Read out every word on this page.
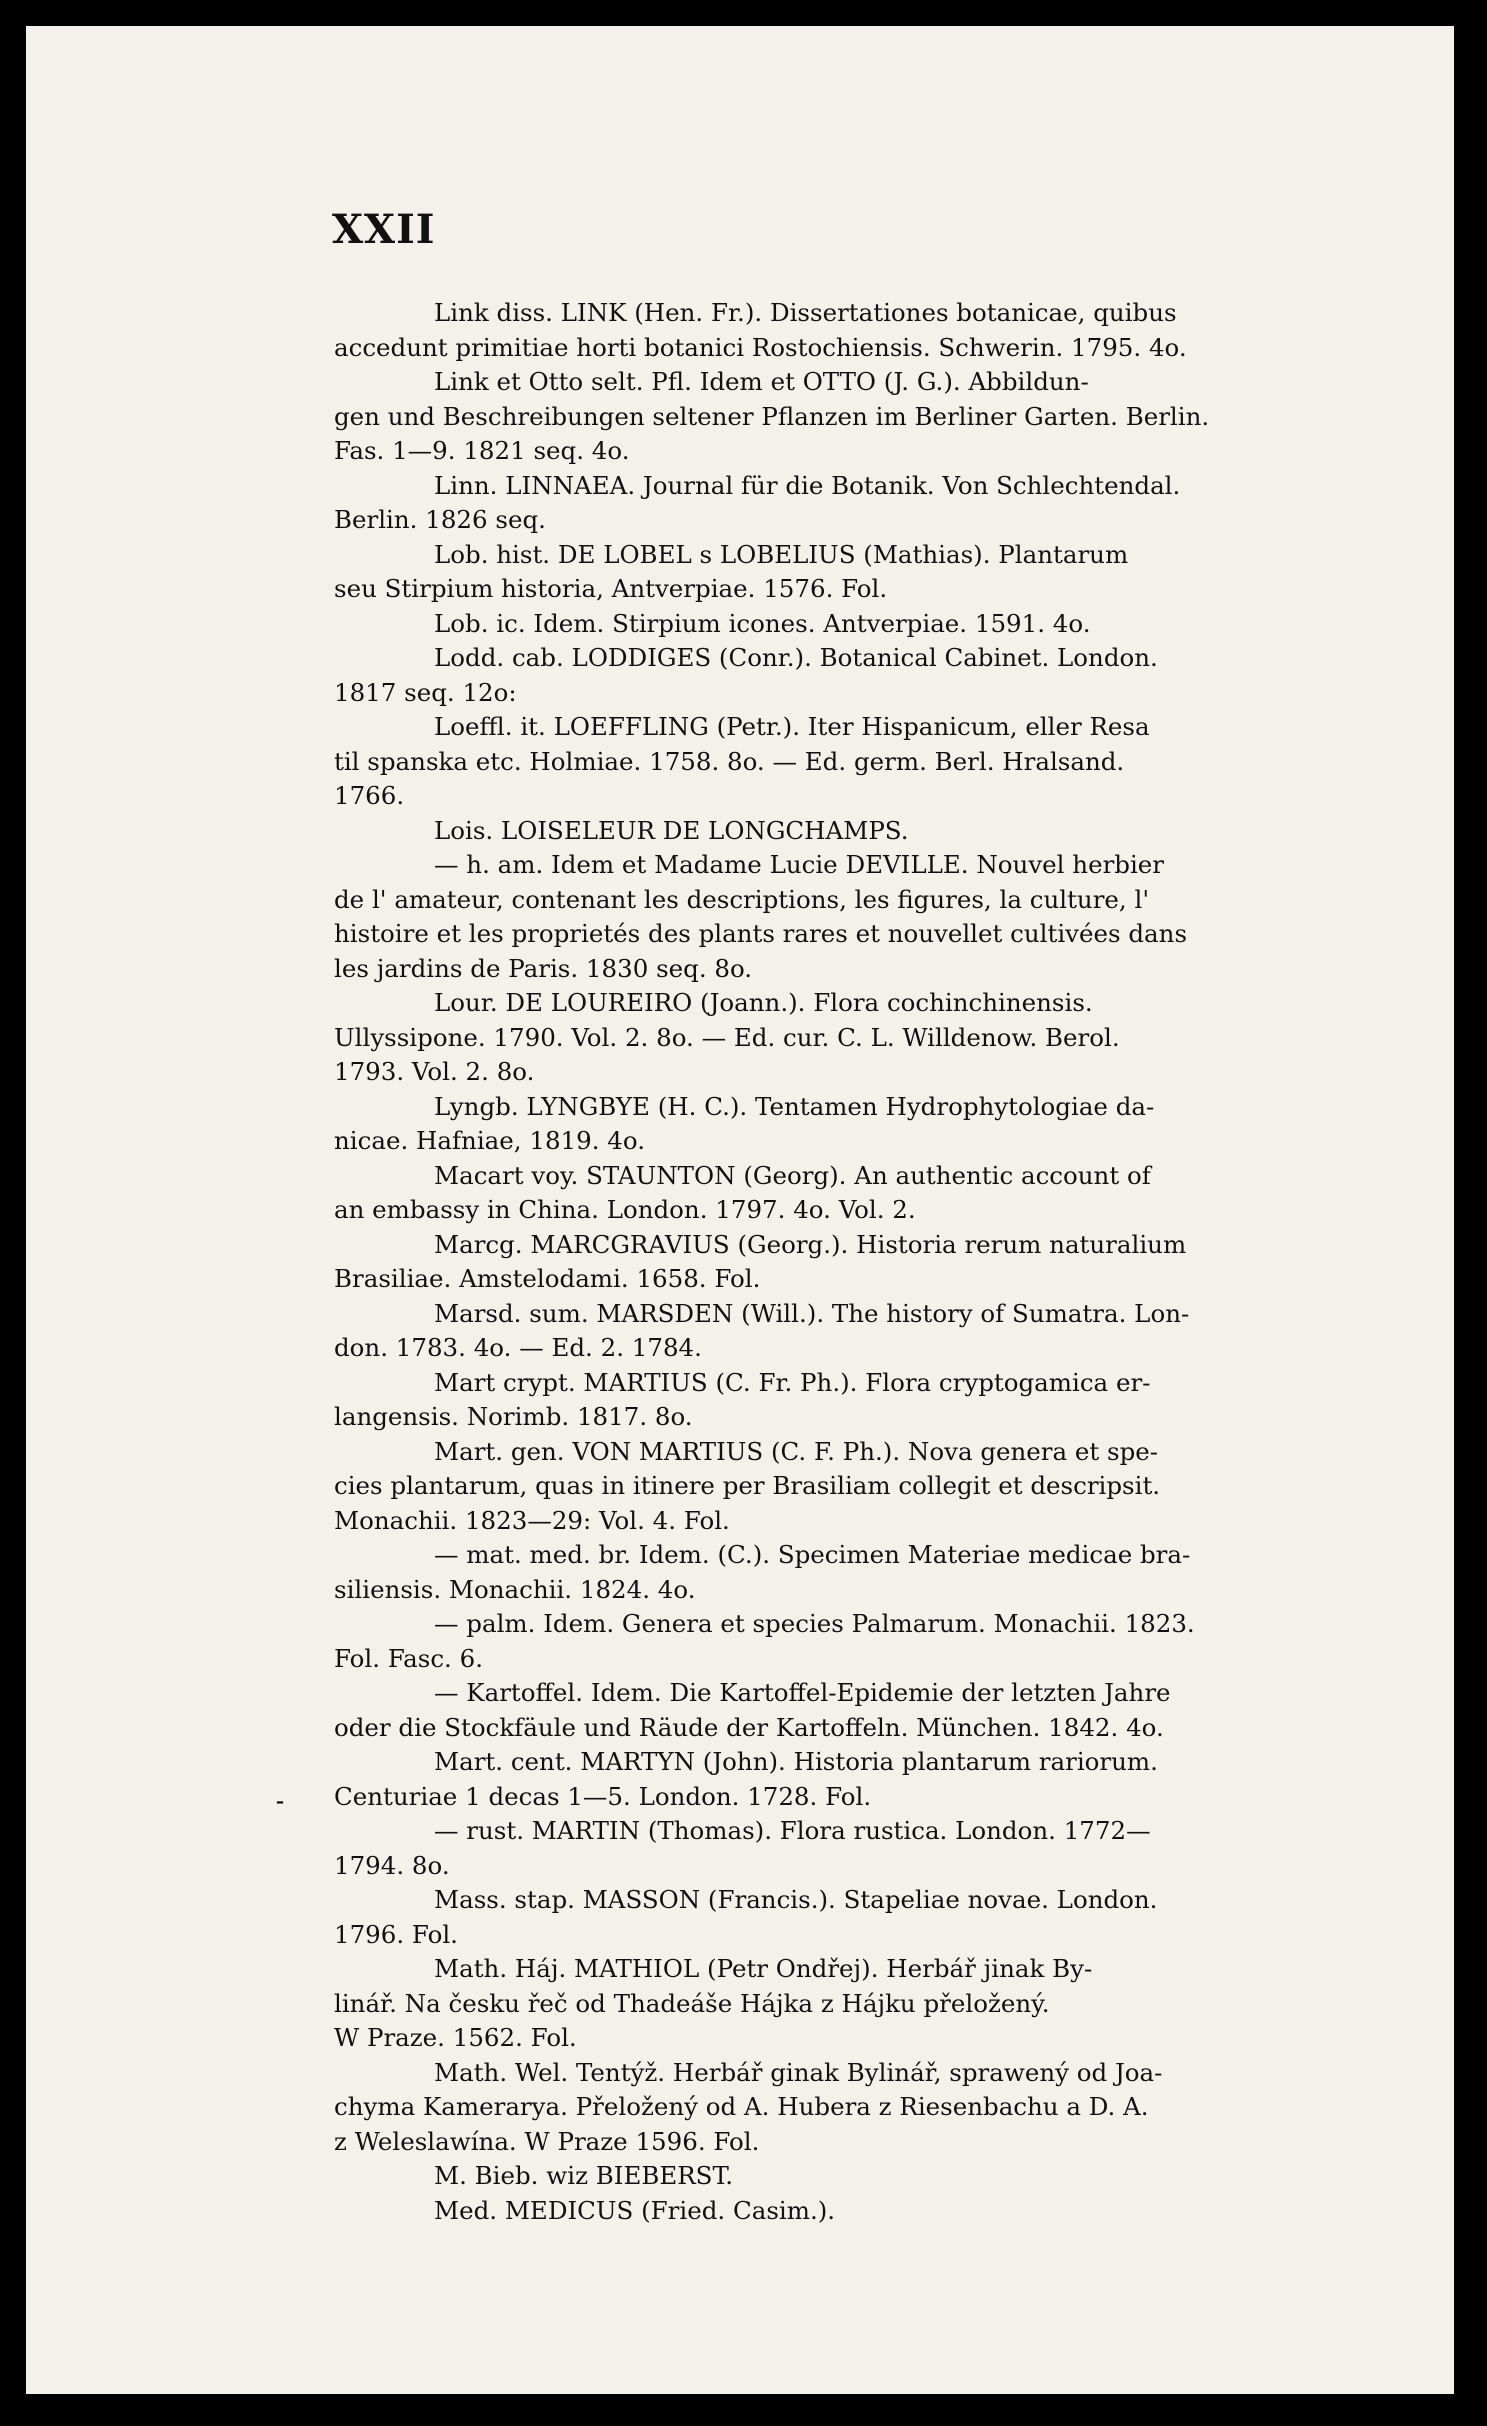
XXII
Link diss. LINK (Hen. Fr.). Dissertationes botanicae, quibus
accedunt primitiae horti botanici Rostochiensis. Schwerin. 1795. 4o.
Link et Otto selt. Pfl. Idem et OTTO (J. G.). Abbildun-
gen und Beschreibungen seltener Pflanzen im Berliner Garten. Berlin.
Fas. 1—9. 1821 seq. 4o.
Linn. LINNAEA. Journal für die Botanik. Von Schlechtendal.
Berlin. 1826 seq.
Lob. hist. DE LOBEL s LOBELIUS (Mathias). Plantarum
seu Stirpium historia, Antverpiae. 1576. Fol.
Lob. ic. Idem. Stirpium icones. Antverpiae. 1591. 4o.
Lodd. cab. LODDIGES (Conr.). Botanical Cabinet. London.
1817 seq. 12o:
Loeffl. it. LOEFFLING (Petr.). Iter Hispanicum, eller Resa
til spanska etc. Holmiae. 1758. 8o. — Ed. germ. Berl. Hralsand.
1766.
Lois. LOISELEUR DE LONGCHAMPS.
— h. am. Idem et Madame Lucie DEVILLE. Nouvel herbier
de l' amateur, contenant les descriptions, les figures, la culture, l'
histoire et les proprietés des plants rares et nouvellet cultivées dans
les jardins de Paris. 1830 seq. 8o.
Lour. DE LOUREIRO (Joann.). Flora cochinchinensis.
Ullyssipone. 1790. Vol. 2. 8o. — Ed. cur. C. L. Willdenow. Berol.
1793. Vol. 2. 8o.
Lyngb. LYNGBYE (H. C.). Tentamen Hydrophytologiae da-
nicae. Hafniae, 1819. 4o.
Macart voy. STAUNTON (Georg). An authentic account of
an embassy in China. London. 1797. 4o. Vol. 2.
Marcg. MARCGRAVIUS (Georg.). Historia rerum naturalium
Brasiliae. Amstelodami. 1658. Fol.
Marsd. sum. MARSDEN (Will.). The history of Sumatra. Lon-
don. 1783. 4o. — Ed. 2. 1784.
Mart crypt. MARTIUS (C. Fr. Ph.). Flora cryptogamica er-
langensis. Norimb. 1817. 8o.
Mart. gen. VON MARTIUS (C. F. Ph.). Nova genera et spe-
cies plantarum, quas in itinere per Brasiliam collegit et descripsit.
Monachii. 1823—29: Vol. 4. Fol.
— mat. med. br. Idem. (C.). Specimen Materiae medicae bra-
siliensis. Monachii. 1824. 4o.
— palm. Idem. Genera et species Palmarum. Monachii. 1823.
Fol. Fasc. 6.
— Kartoffel. Idem. Die Kartoffel-Epidemie der letzten Jahre
oder die Stockfäule und Räude der Kartoffeln. München. 1842. 4o.
Mart. cent. MARTYN (John). Historia plantarum rariorum.
Centuriae 1 decas 1—5. London. 1728. Fol.
— rust. MARTIN (Thomas). Flora rustica. London. 1772—
1794. 8o.
Mass. stap. MASSON (Francis.). Stapeliae novae. London.
1796. Fol.
Math. Háj. MATHIOL (Petr Ondřej). Herbář jinak By-
linář. Na česku řeč od Thadeáše Hájka z Hájku přeložený.
W Praze. 1562. Fol.
Math. Wel. Tentýž. Herbář ginak Bylinář, sprawený od Joa-
chyma Kamerarya. Přeložený od A. Hubera z Riesenbachu a D. A.
z Weleslawína. W Praze 1596. Fol.
M. Bieb. wiz BIEBERST.
Med. MEDICUS (Fried. Casim.).
-
